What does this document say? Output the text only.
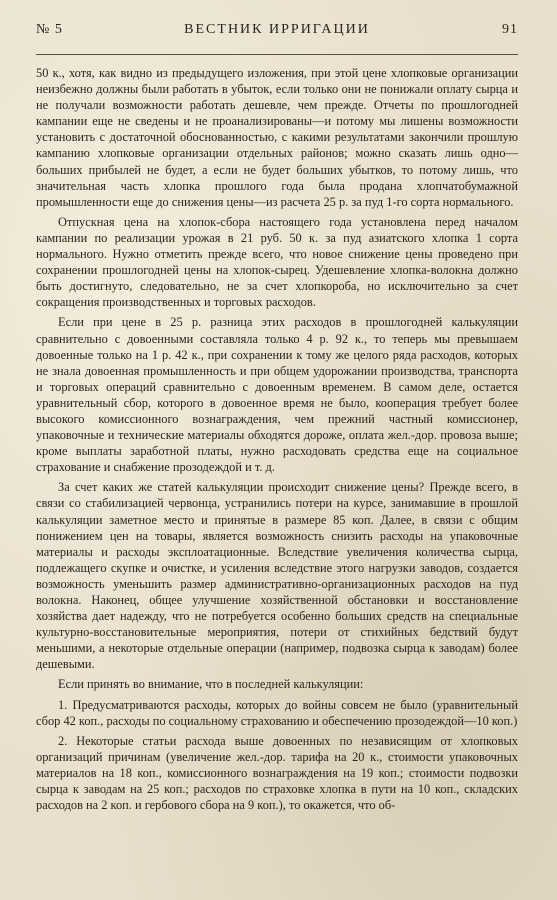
№ 5	ВЕСТНИК ИРРИГАЦИИ	91

50 к., хотя, как видно из предыдущего изложения, при этой цене хлопковые организации неизбежно должны были работать в убыток, если только они не понижали оплату сырца и не получали возможности работать дешевле, чем прежде. Отчеты по прошлогодней кампании еще не сведены и не проанализированы—и потому мы лишены возможности установить с достаточной обоснованностью, с какими результатами закончили прошлую кампанию хлопковые организации отдельных районов; можно сказать лишь одно—больших прибылей не будет, а если не будет больших убытков, то потому лишь, что значительная часть хлопка прошлого года была продана хлопчатобумажной промышленности еще до снижения цены—из расчета 25 р. за пуд 1-го сорта нормального.

Отпускная цена на хлопок-сбора настоящего года установлена перед началом кампании по реализации урожая в 21 руб. 50 к. за пуд азиатского хлопка 1 сорта нормального. Нужно отметить прежде всего, что новое снижение цены проведено при сохранении прошлогодней цены на хлопок-сырец. Удешевление хлопка-волокна должно быть достигнуто, следовательно, не за счет хлопкороба, но исключительно за счет сокращения производственных и торговых расходов.

Если при цене в 25 р. разница этих расходов в прошлогодней калькуляции сравнительно с довоенными составляла только 4 р. 92 к., то теперь мы превышаем довоенные только на 1 р. 42 к., при сохранении к тому же целого ряда расходов, которых не знала довоенная промышленность и при общем удорожании производства, транспорта и торговых операций сравнительно с довоенным временем. В самом деле, остается уравнительный сбор, которого в довоенное время не было, кооперация требует более высокого комиссионного вознаграждения, чем прежний частный комиссионер, упаковочные и технические материалы обходятся дороже, оплата жел.-дор. провоза выше; кроме выплаты заработной платы, нужно расходовать средства еще на социальное страхование и снабжение прозодеждой и т. д.

За счет каких же статей калькуляции происходит снижение цены? Прежде всего, в связи со стабилизацией червонца, устранились потери на курсе, занимавшие в прошлой калькуляции заметное место и принятые в размере 85 коп. Далее, в связи с общим понижением цен на товары, является возможность снизить расходы на упаковочные материалы и расходы эксплоатационные. Вследствие увеличения количества сырца, подлежащего скупке и очистке, и усиления вследствие этого нагрузки заводов, создается возможность уменьшить размер административно-организационных расходов на пуд волокна. Наконец, общее улучшение хозяйственной обстановки и восстановление хозяйства дает надежду, что не потребуется особенно больших средств на специальные культурно-восстановительные мероприятия, потери от стихийных бедствий будут меньшими, а некоторые отдельные операции (например, подвозка сырца к заводам) более дешевыми.

Если принять во внимание, что в последней калькуляции:

1. Предусматриваются расходы, которых до войны совсем не было (уравнительный сбор 42 коп., расходы по социальному страхованию и обеспечению прозодеждой—10 коп.)

2. Некоторые статьи расхода выше довоенных по независящим от хлопковых организаций причинам (увеличение жел.-дор. тарифа на 20 к., стоимости упаковочных материалов на 18 коп., комиссионного вознаграждения на 19 коп.; стоимости подвозки сырца к заводам на 25 коп.; расходов по страховке хлопка в пути на 10 коп., складских расходов на 2 коп. и гербового сбора на 9 коп.), то окажется, что об-
